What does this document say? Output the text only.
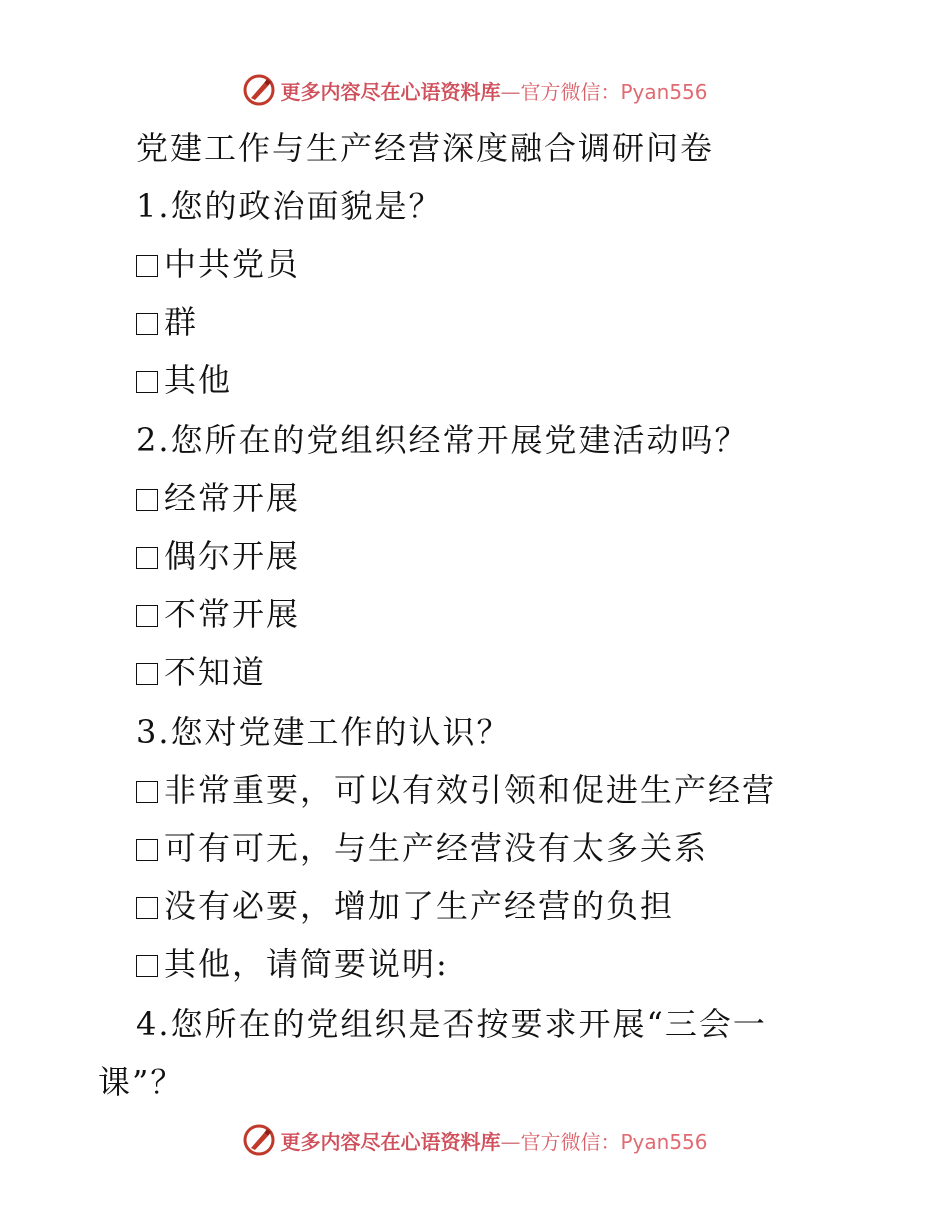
更多内容尽在心语资料库—官方微信：Pyan556
党建工作与生产经营深度融合调研问卷
1.您的政治面貌是？
中共党员
群
其他
2.您所在的党组织经常开展党建活动吗？
经常开展
偶尔开展
不常开展
不知道
3.您对党建工作的认识？
非常重要，可以有效引领和促进生产经营
可有可无，与生产经营没有太多关系
没有必要，增加了生产经营的负担
其他，请简要说明:
4.您所在的党组织是否按要求开展“三会一
课”？
更多内容尽在心语资料库—官方微信：Pyan556
